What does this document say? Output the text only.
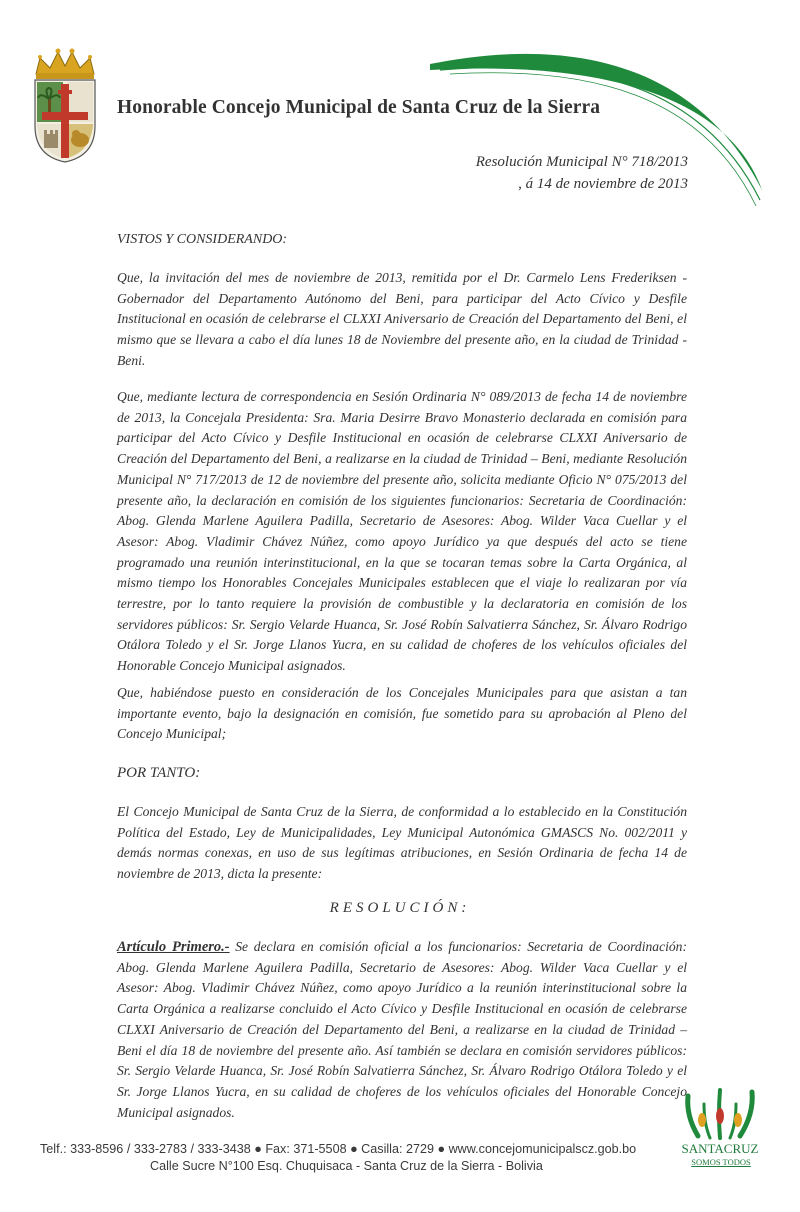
Honorable Concejo Municipal de Santa Cruz de la Sierra
Resolución Municipal N° 718/2013
, á 14 de noviembre de 2013
VISTOS Y CONSIDERANDO:

Que, la invitación del mes de noviembre de 2013, remitida por el Dr. Carmelo Lens Frederiksen - Gobernador del Departamento Autónomo del Beni, para participar del Acto Cívico y Desfile Institucional en ocasión de celebrarse el CLXXI Aniversario de Creación del Departamento del Beni, el mismo que se llevara a cabo el día lunes 18 de Noviembre del presente año, en la ciudad de Trinidad - Beni.

Que, mediante lectura de correspondencia en Sesión Ordinaria N° 089/2013 de fecha 14 de noviembre de 2013, la Concejala Presidenta: Sra. Maria Desirre Bravo Monasterio declarada en comisión para participar del Acto Cívico y Desfile Institucional en ocasión de celebrarse CLXXI Aniversario de Creación del Departamento del Beni, a realizarse en la ciudad de Trinidad – Beni, mediante Resolución Municipal N° 717/2013 de 12 de noviembre del presente año, solicita mediante Oficio N° 075/2013 del presente año, la declaración en comisión de los siguientes funcionarios: Secretaria de Coordinación: Abog. Glenda Marlene Aguilera Padilla, Secretario de Asesores: Abog. Wilder Vaca Cuellar y el Asesor: Abog. Vladimir Chávez Núñez, como apoyo Jurídico ya que después del acto se tiene programado una reunión interinstitucional, en la que se tocaran temas sobre la Carta Orgánica, al mismo tiempo los Honorables Concejales Municipales establecen que el viaje lo realizaran por vía terrestre, por lo tanto requiere la provisión de combustible y la declaratoria en comisión de los servidores públicos: Sr. Sergio Velarde Huanca, Sr. José Robín Salvatierra Sánchez, Sr. Álvaro Rodrigo Otálora Toledo y el Sr. Jorge Llanos Yucra, en su calidad de choferes de los vehículos oficiales del Honorable Concejo Municipal asignados.

Que, habiéndose puesto en consideración de los Concejales Municipales para que asistan a tan importante evento, bajo la designación en comisión, fue sometido para su aprobación al Pleno del Concejo Municipal;

POR TANTO:

El Concejo Municipal de Santa Cruz de la Sierra, de conformidad a lo establecido en la Constitución Política del Estado, Ley de Municipalidades, Ley Municipal Autonómica GMASCS No. 002/2011 y demás normas conexas, en uso de sus legítimas atribuciones, en Sesión Ordinaria de fecha 14 de noviembre de 2013, dicta la presente:

RESOLUCIÓN:

Artículo Primero.- Se declara en comisión oficial a los funcionarios: Secretaria de Coordinación: Abog. Glenda Marlene Aguilera Padilla, Secretario de Asesores: Abog. Wilder Vaca Cuellar y el Asesor: Abog. Vladimir Chávez Núñez, como apoyo Jurídico a la reunión interinstitucional sobre la Carta Orgánica a realizarse concluido el Acto Cívico y Desfile Institucional en ocasión de celebrarse CLXXI Aniversario de Creación del Departamento del Beni, a realizarse en la ciudad de Trinidad – Beni el día 18 de noviembre del presente año. Así también se declara en comisión servidores públicos: Sr. Sergio Velarde Huanca, Sr. José Robín Salvatierra Sánchez, Sr. Álvaro Rodrigo Otálora Toledo y el Sr. Jorge Llanos Yucra, en su calidad de choferes de los vehículos oficiales del Honorable Concejo Municipal asignados.

Telf.: 333-8596 / 333-2783 / 333-3438 ● Fax: 371-5508 ● Casilla: 2729 ● www.concejomunicipalscz.gob.bo
Calle Sucre N°100 Esq. Chuquisaca - Santa Cruz de la Sierra - Bolivia
SANTACRUZ
SOMOS TODOS
